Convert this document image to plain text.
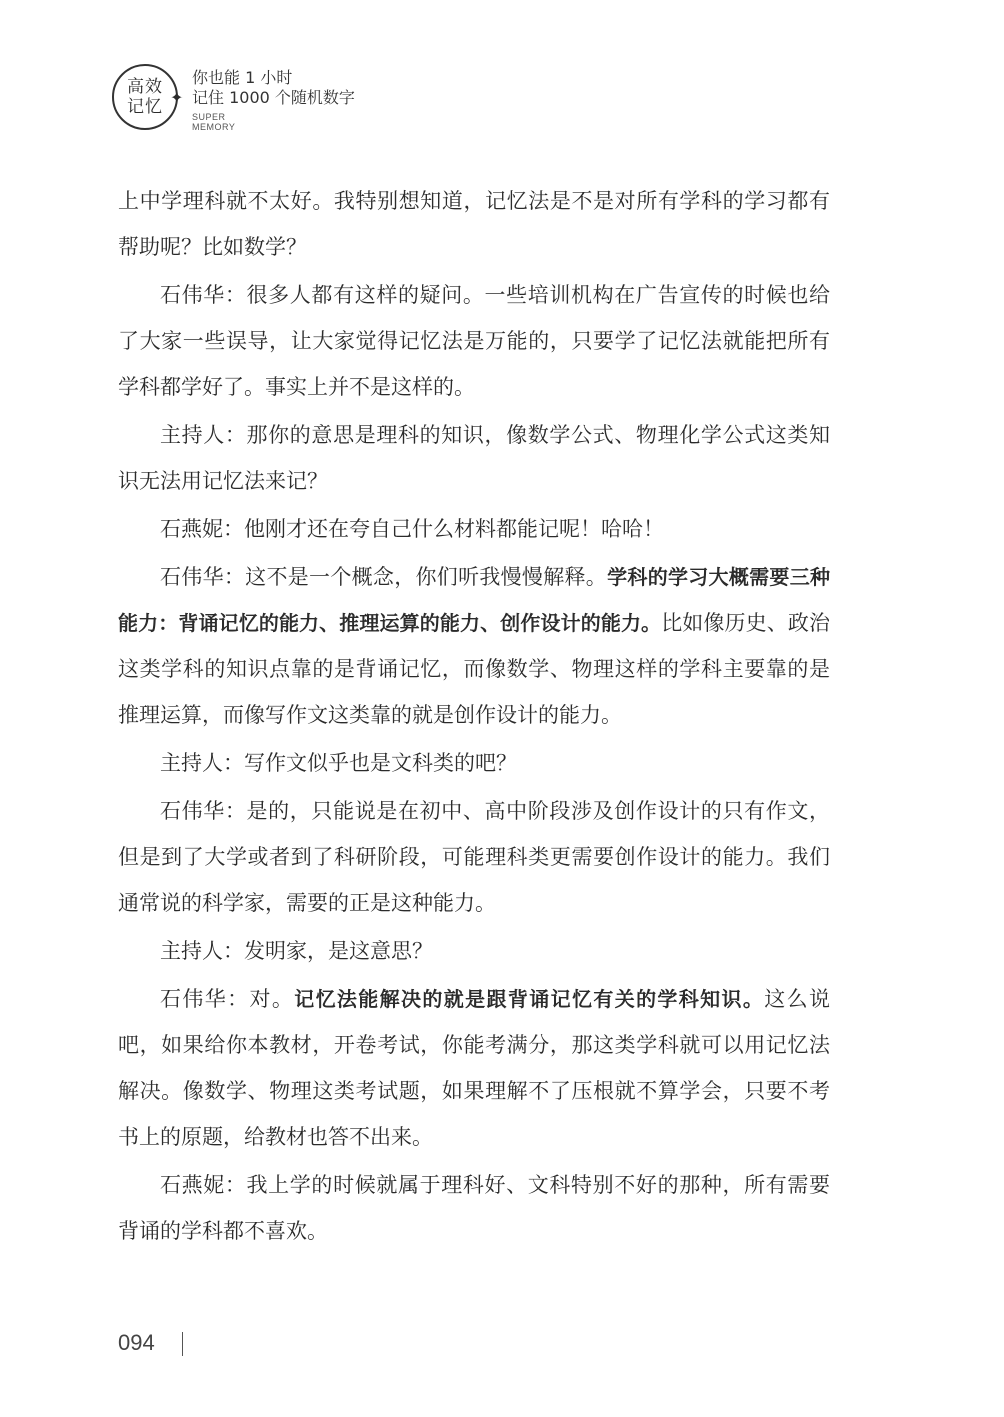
高效
记忆 ✦
你也能 1 小时
记住 1000 个随机数字
SUPER
MEMORY

上中学理科就不太好。我特别想知道，记忆法是不是对所有学科的学习都有帮助呢？比如数学？

石伟华：很多人都有这样的疑问。一些培训机构在广告宣传的时候也给了大家一些误导，让大家觉得记忆法是万能的，只要学了记忆法就能把所有学科都学好了。事实上并不是这样的。

主持人：那你的意思是理科的知识，像数学公式、物理化学公式这类知识无法用记忆法来记？

石燕妮：他刚才还在夸自己什么材料都能记呢！哈哈！

石伟华：这不是一个概念，你们听我慢慢解释。学科的学习大概需要三种能力：背诵记忆的能力、推理运算的能力、创作设计的能力。比如像历史、政治这类学科的知识点靠的是背诵记忆，而像数学、物理这样的学科主要靠的是推理运算，而像写作文这类靠的就是创作设计的能力。

主持人：写作文似乎也是文科类的吧？

石伟华：是的，只能说是在初中、高中阶段涉及创作设计的只有作文，但是到了大学或者到了科研阶段，可能理科类更需要创作设计的能力。我们通常说的科学家，需要的正是这种能力。

主持人：发明家，是这意思？

石伟华：对。记忆法能解决的就是跟背诵记忆有关的学科知识。这么说吧，如果给你本教材，开卷考试，你能考满分，那这类学科就可以用记忆法解决。像数学、物理这类考试题，如果理解不了压根就不算学会，只要不考书上的原题，给教材也答不出来。

石燕妮：我上学的时候就属于理科好、文科特别不好的那种，所有需要背诵的学科都不喜欢。

094
